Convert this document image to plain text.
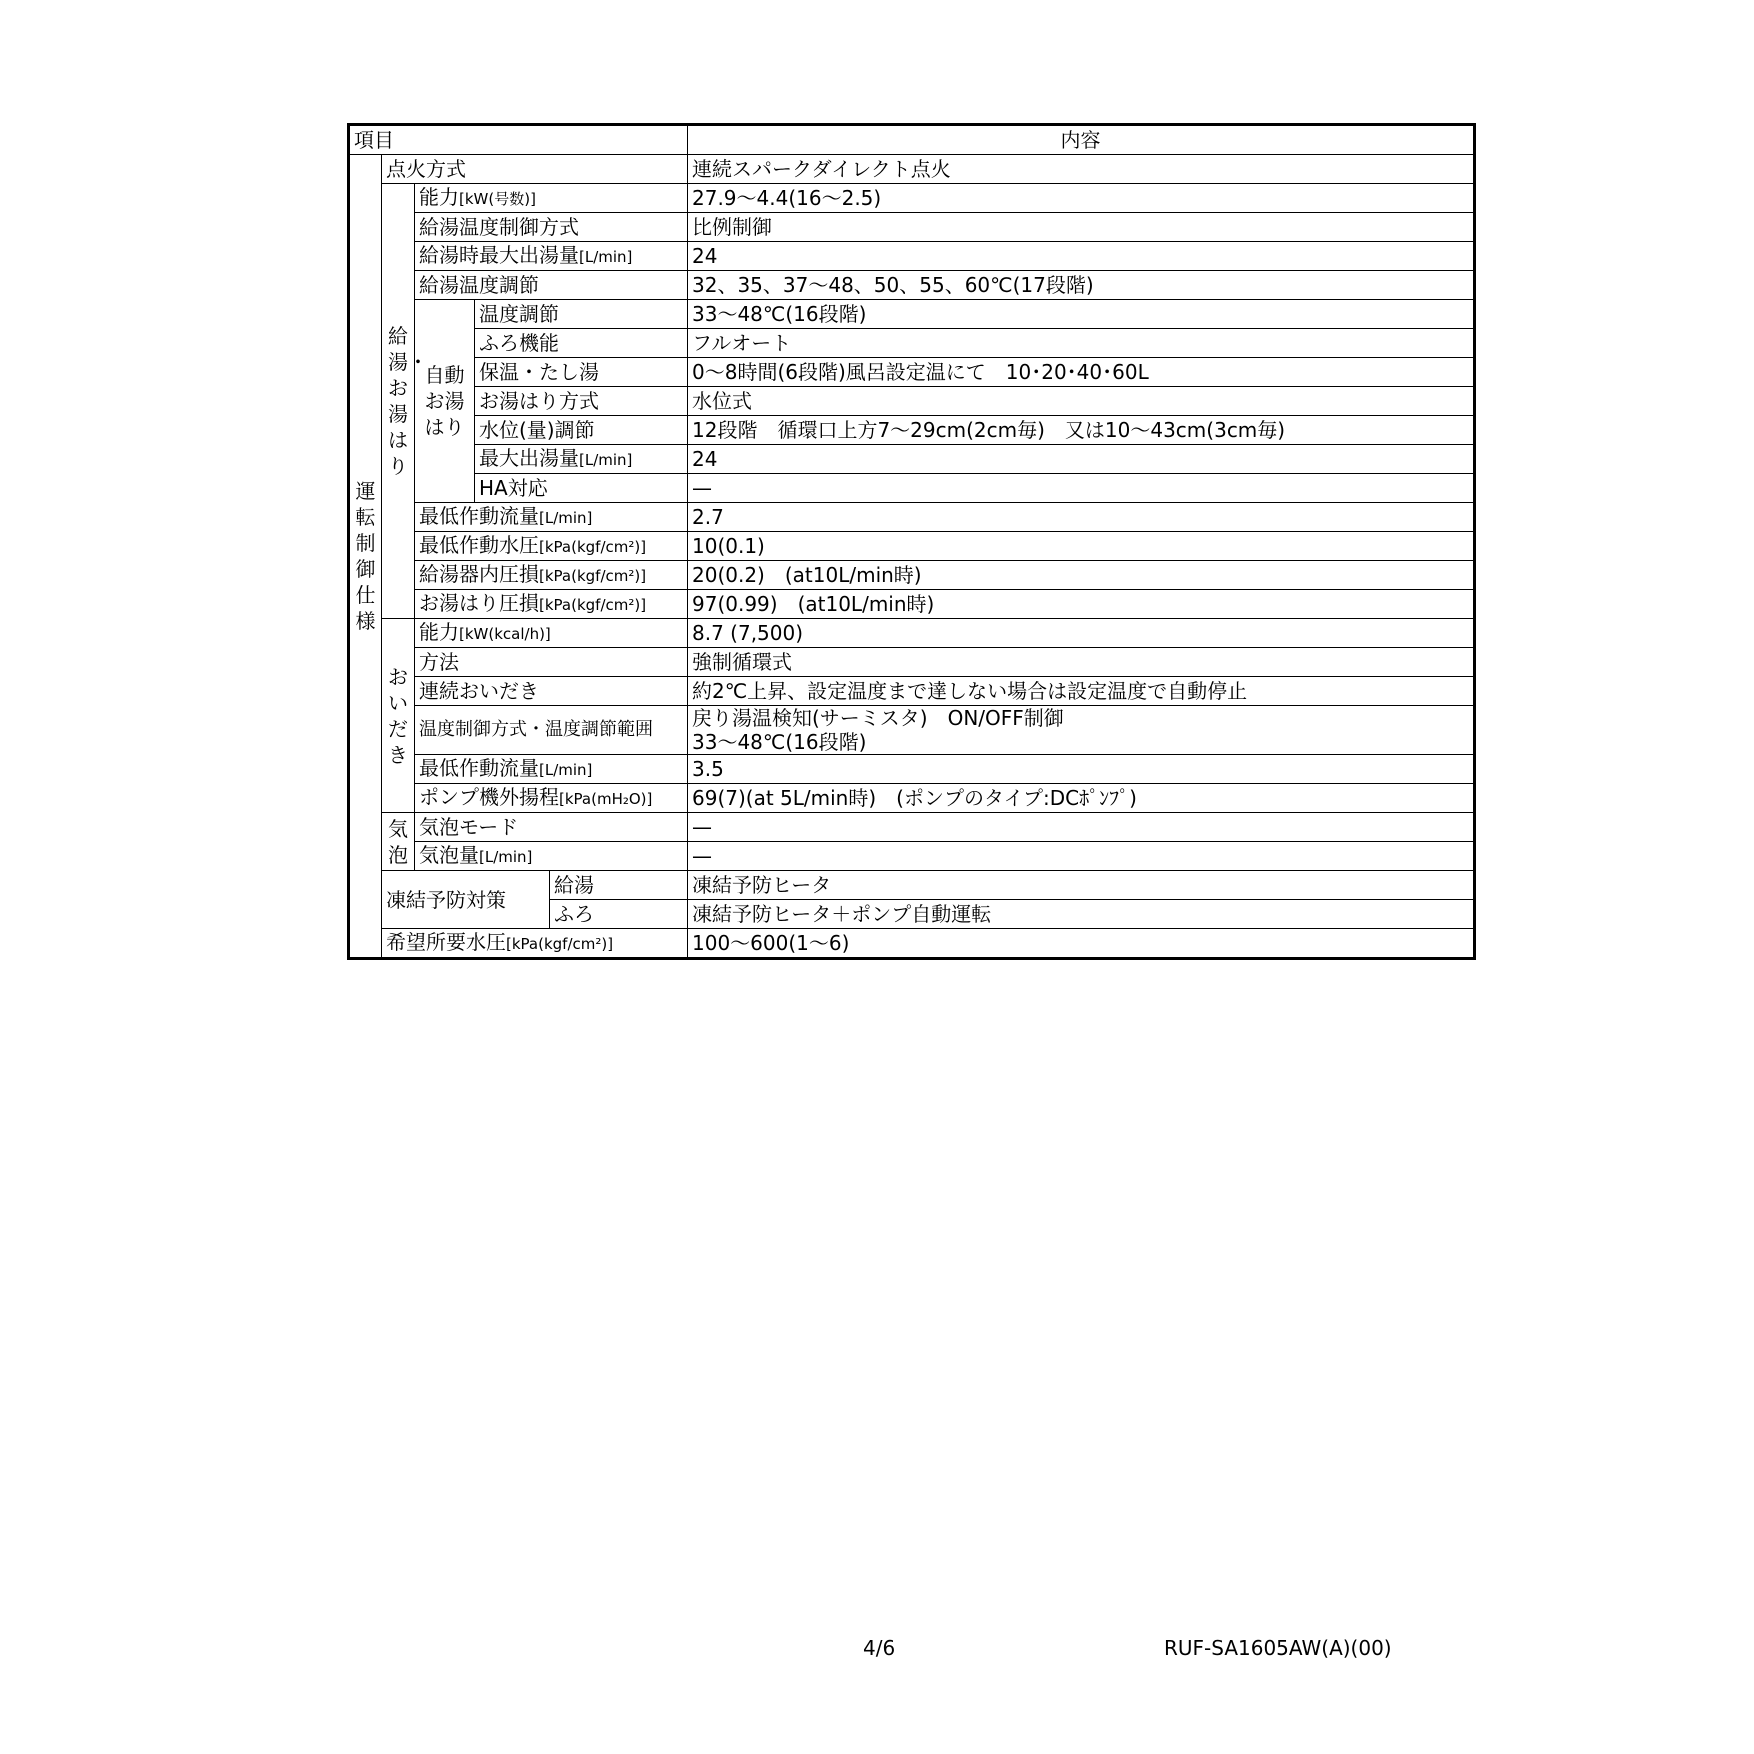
項目					内容

運転制御仕様	点火方式				連続スパークダイレクト点火

	給湯・お湯はり	能力[kW(号数)]			27.9～4.4(16～2.5)
		給湯温度制御方式			比例制御
		給湯時最大出湯量[L/min]			24
		給湯温度調節			32、35、37～48、50、55、60℃(17段階)

		自動お湯はり	温度調節		33～48℃(16段階)
			ふろ機能		フルオート
			保温・たし湯		0～8時間(6段階)風呂設定温にて　10･20･40･60L
			お湯はり方式		水位式
			水位(量)調節		12段階　循環口上方7～29cm(2cm毎)　又は10～43cm(3cm毎)
			最大出湯量[L/min]		24
			HA対応		—
		最低作動流量[L/min]			2.7
		最低作動水圧[kPa(kgf/cm²)]			10(0.1)
		給湯器内圧損[kPa(kgf/cm²)]			20(0.2)　(at10L/min時)
		お湯はり圧損[kPa(kgf/cm²)]			97(0.99)　(at10L/min時)

	おいだき	能力[kW(kcal/h)]			8.7 (7,500)
		方法			強制循環式
		連続おいだき			約2℃上昇、設定温度まで達しない場合は設定温度で自動停止
		温度制御方式・温度調節範囲			戻り湯温検知(サーミスタ)　ON/OFF制御
33～48℃(16段階)

		最低作動流量[L/min]			3.5
		ポンプ機外揚程[kPa(mH₂O)]			69(7)(at 5L/min時)　(ポンプのタイプ:DCﾎﾟﾝﾌﾟ)

	気泡	気泡モード			—
		気泡量[L/min]			—
	凍結予防対策			給湯	凍結予防ヒータ
				ふろ	凍結予防ヒータ＋ポンプ自動運転
	希望所要水圧[kPa(kgf/cm²)]				100～600(1～6)
4/6	RUF-SA1605AW(A)(00)
